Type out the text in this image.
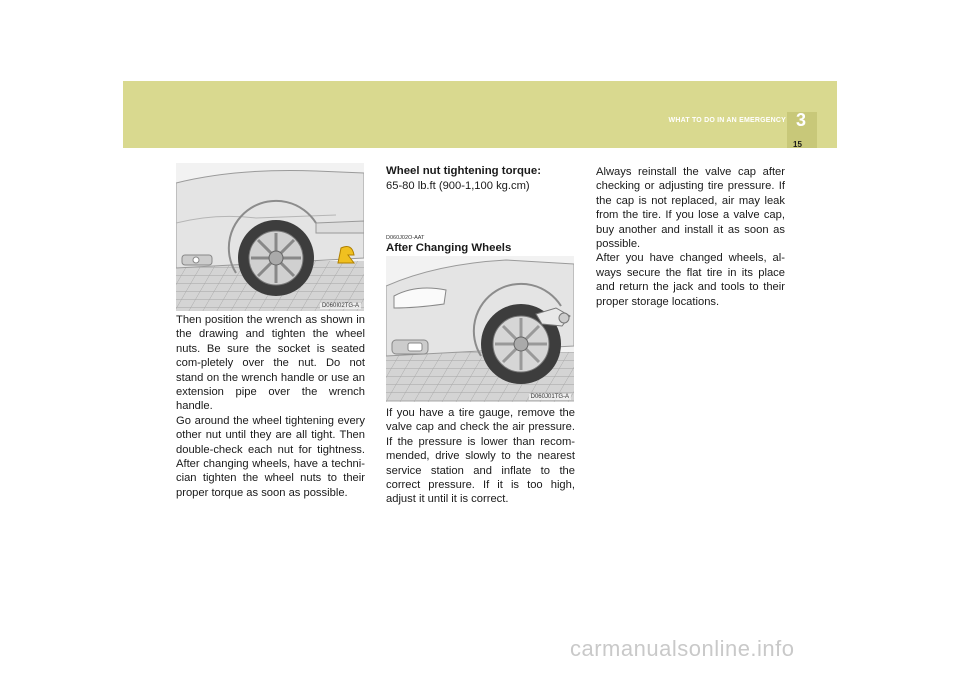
3
WHAT TO DO IN AN EMERGENCY
15
D060I02TG-A
Then position the wrench as shown in the drawing and tighten the wheel nuts. Be sure the socket is seated com-pletely over the nut. Do not stand on the wrench handle or use an extension pipe over the wrench handle.
Go around the wheel tightening every other nut until they are all tight. Then double-check each nut for tightness. After changing wheels, have a techni-cian tighten the wheel nuts to their proper torque as soon as possible.
Wheel nut tightening torque:
65-80 lb.ft (900-1,100 kg.cm)
D060J02O-AAT
After Changing Wheels
D060J01TG-A
If you have a tire gauge, remove the valve cap and check the air pressure. If the pressure is lower than recom-mended, drive slowly to the nearest service station and inflate to the correct pressure. If it is too high, adjust it until it is correct.
Always reinstall the valve cap after checking or adjusting tire pressure. If the cap is not replaced, air may leak from the tire. If you lose a valve cap, buy another and install it as soon as possible.
After you have changed wheels, al-ways secure the flat tire in its place and return the jack and tools to their proper storage locations.
carmanualsonline.info
